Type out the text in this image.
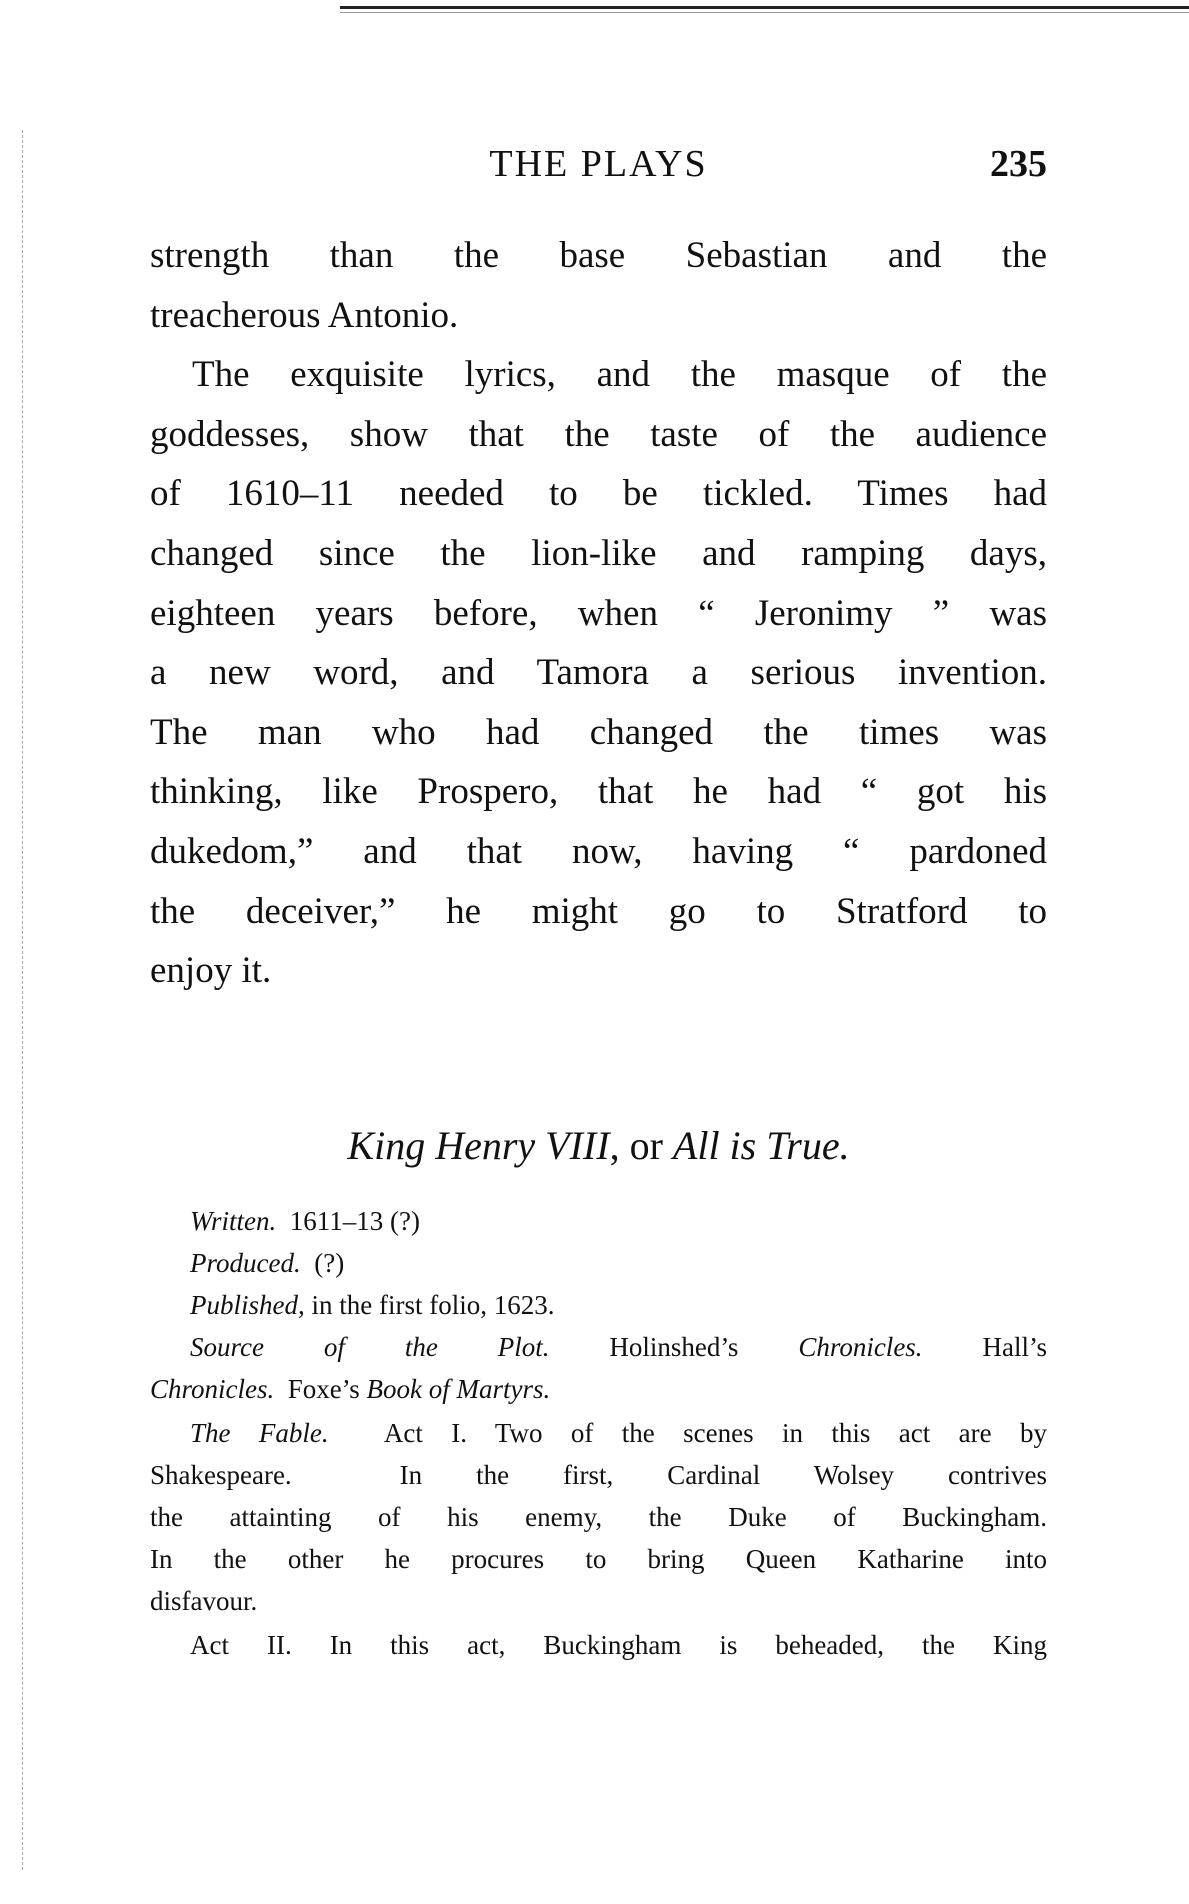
THE PLAYS	235
strength than the base Sebastian and the
treacherous Antonio.
The exquisite lyrics, and the masque of the
goddesses, show that the taste of the audience
of 1610–11 needed to be tickled. Times had
changed since the lion-like and ramping days,
eighteen years before, when “ Jeronimy ” was
a new word, and Tamora a serious invention.
The man who had changed the times was
thinking, like Prospero, that he had “ got his
dukedom,” and that now, having “ pardoned
the deceiver,” he might go to Stratford to
enjoy it.
King Henry VIII, or All is True.
Written.  1611–13 (?)
Produced.  (?)
Published, in the first folio, 1623.
Source of the Plot. Holinshed’s Chronicles. Hall’s
Chronicles.  Foxe’s Book of Martyrs.
The Fable.  Act I. Two of the scenes in this act are by
Shakespeare.  In the first, Cardinal Wolsey contrives
the attainting of his enemy, the Duke of Buckingham.
In the other he procures to bring Queen Katharine into
disfavour.
Act II. In this act, Buckingham is beheaded, the King
